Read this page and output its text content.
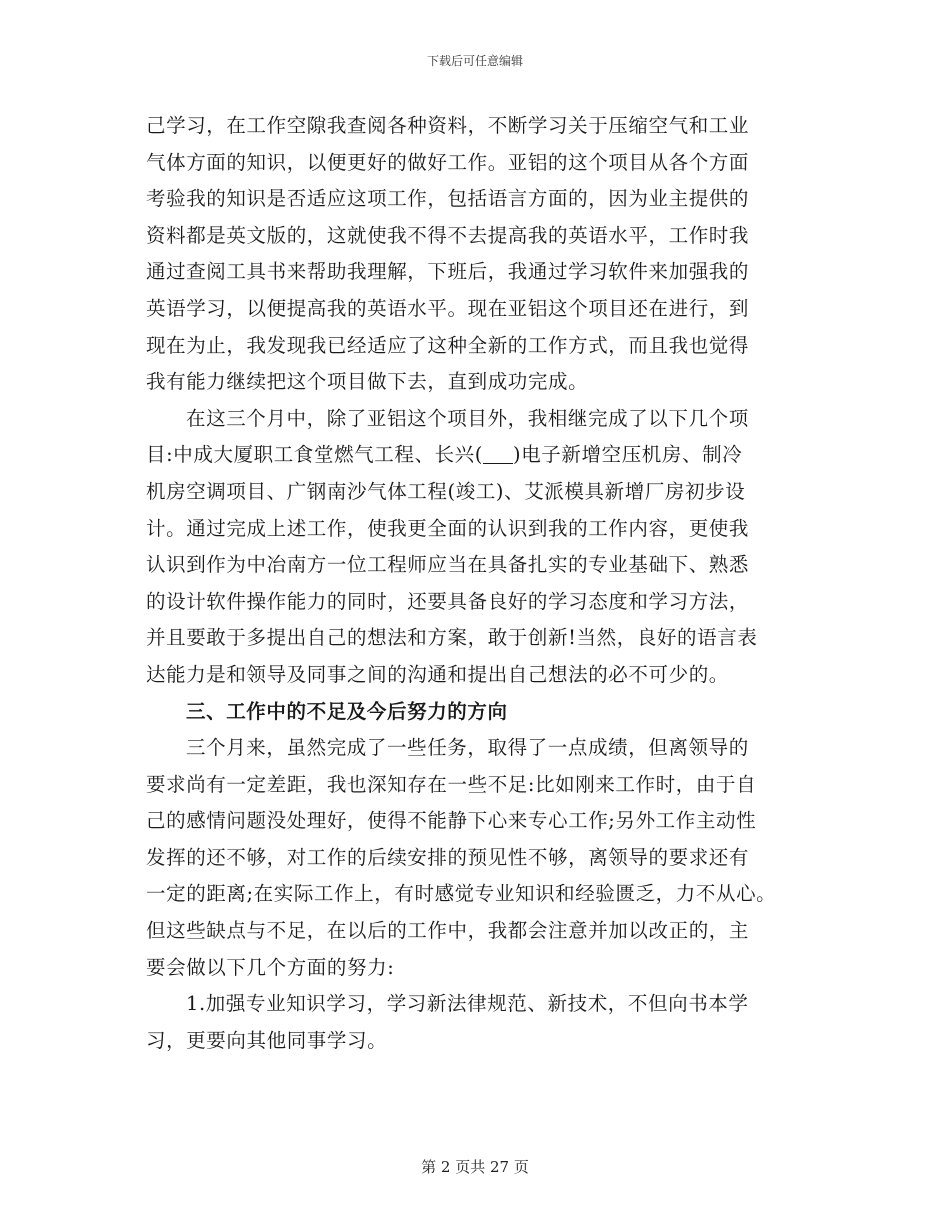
下载后可任意编辑
己学习，在工作空隙我查阅各种资料，不断学习关于压缩空气和工业
气体方面的知识，以便更好的做好工作。亚铝的这个项目从各个方面
考验我的知识是否适应这项工作，包括语言方面的，因为业主提供的
资料都是英文版的，这就使我不得不去提高我的英语水平，工作时我
通过查阅工具书来帮助我理解，下班后，我通过学习软件来加强我的
英语学习，以便提高我的英语水平。现在亚铝这个项目还在进行，到
现在为止，我发现我已经适应了这种全新的工作方式，而且我也觉得
我有能力继续把这个项目做下去，直到成功完成。
在这三个月中，除了亚铝这个项目外，我相继完成了以下几个项
目:中成大厦职工食堂燃气工程、长兴( )电子新增空压机房、制冷
机房空调项目、广钢南沙气体工程(竣工)、艾派模具新增厂房初步设
计。通过完成上述工作，使我更全面的认识到我的工作内容，更使我
认识到作为中冶南方一位工程师应当在具备扎实的专业基础下、熟悉
的设计软件操作能力的同时，还要具备良好的学习态度和学习方法，
并且要敢于多提出自己的想法和方案，敢于创新!当然，良好的语言表
达能力是和领导及同事之间的沟通和提出自己想法的必不可少的。
三、工作中的不足及今后努力的方向
三个月来，虽然完成了一些任务，取得了一点成绩，但离领导的
要求尚有一定差距，我也深知存在一些不足:比如刚来工作时，由于自
己的感情问题没处理好，使得不能静下心来专心工作;另外工作主动性
发挥的还不够，对工作的后续安排的预见性不够，离领导的要求还有
一定的距离;在实际工作上，有时感觉专业知识和经验匮乏，力不从心。
但这些缺点与不足，在以后的工作中，我都会注意并加以改正的，主
要会做以下几个方面的努力:
1.加强专业知识学习，学习新法律规范、新技术，不但向书本学
习，更要向其他同事学习。
第 2 页共 27 页
